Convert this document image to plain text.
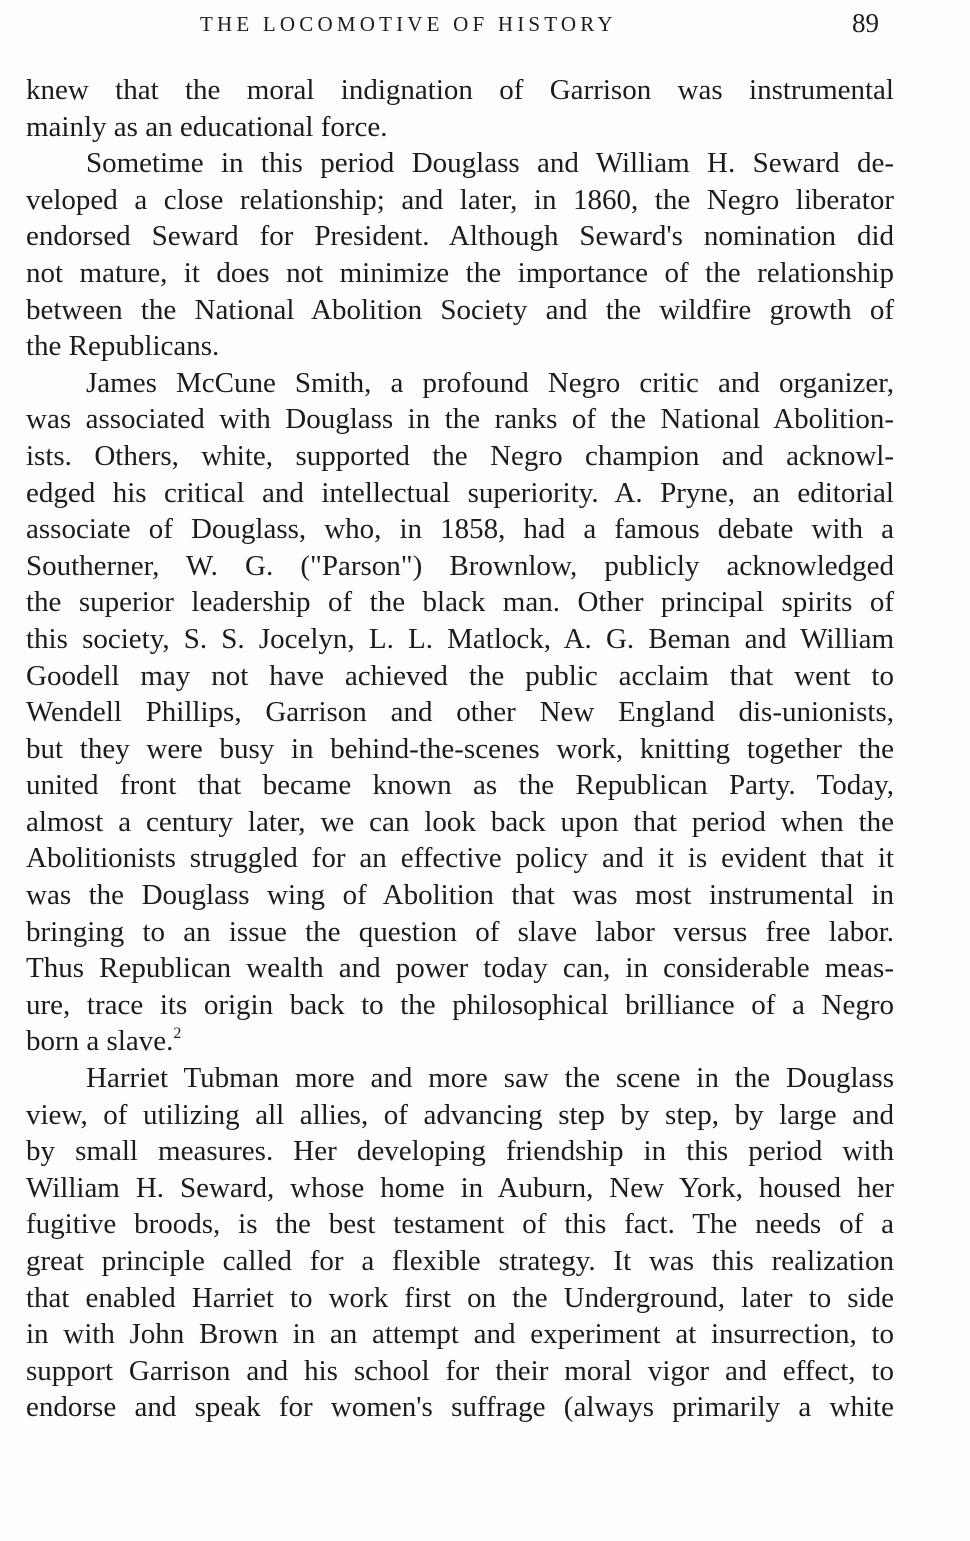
THE LOCOMOTIVE OF HISTORY	89
knew that the moral indignation of Garrison was instrumental
mainly as an educational force.
Sometime in this period Douglass and William H. Seward de-
veloped a close relationship; and later, in 1860, the Negro liberator
endorsed Seward for President. Although Seward's nomination did
not mature, it does not minimize the importance of the relationship
between the National Abolition Society and the wildfire growth of
the Republicans.
James McCune Smith, a profound Negro critic and organizer,
was associated with Douglass in the ranks of the National Abolition-
ists. Others, white, supported the Negro champion and acknowl-
edged his critical and intellectual superiority. A. Pryne, an editorial
associate of Douglass, who, in 1858, had a famous debate with a
Southerner, W. G. ("Parson") Brownlow, publicly acknowledged
the superior leadership of the black man. Other principal spirits of
this society, S. S. Jocelyn, L. L. Matlock, A. G. Beman and William
Goodell may not have achieved the public acclaim that went to
Wendell Phillips, Garrison and other New England dis-unionists,
but they were busy in behind-the-scenes work, knitting together the
united front that became known as the Republican Party. Today,
almost a century later, we can look back upon that period when the
Abolitionists struggled for an effective policy and it is evident that it
was the Douglass wing of Abolition that was most instrumental in
bringing to an issue the question of slave labor versus free labor.
Thus Republican wealth and power today can, in considerable meas-
ure, trace its origin back to the philosophical brilliance of a Negro
born a slave.$^2$
Harriet Tubman more and more saw the scene in the Douglass
view, of utilizing all allies, of advancing step by step, by large and
by small measures. Her developing friendship in this period with
William H. Seward, whose home in Auburn, New York, housed her
fugitive broods, is the best testament of this fact. The needs of a
great principle called for a flexible strategy. It was this realization
that enabled Harriet to work first on the Underground, later to side
in with John Brown in an attempt and experiment at insurrection, to
support Garrison and his school for their moral vigor and effect, to
endorse and speak for women's suffrage (always primarily a white
